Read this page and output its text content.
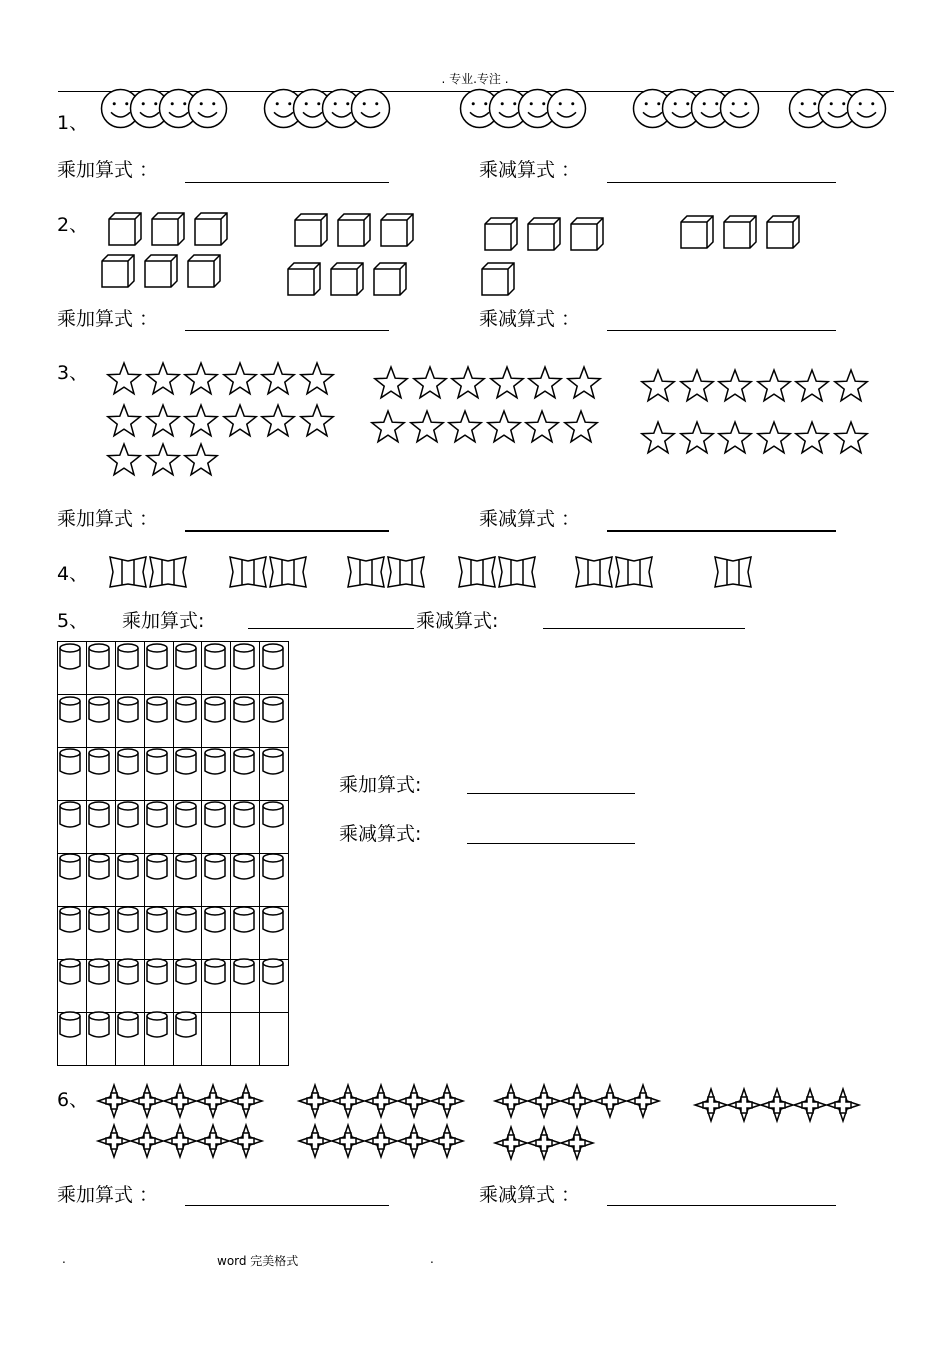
. 专业.专注 .
1、
乘加算式 ：	乘减算式 ：
2、
乘加算式 ：	乘减算式 ：
3、
乘加算式 ：	乘减算式 ：
4、
5、 乘加算式:	乘减算式:

乘加算式:
乘减算式:
6、
乘加算式 ：	乘减算式 ：
.	word 完美格式	.
